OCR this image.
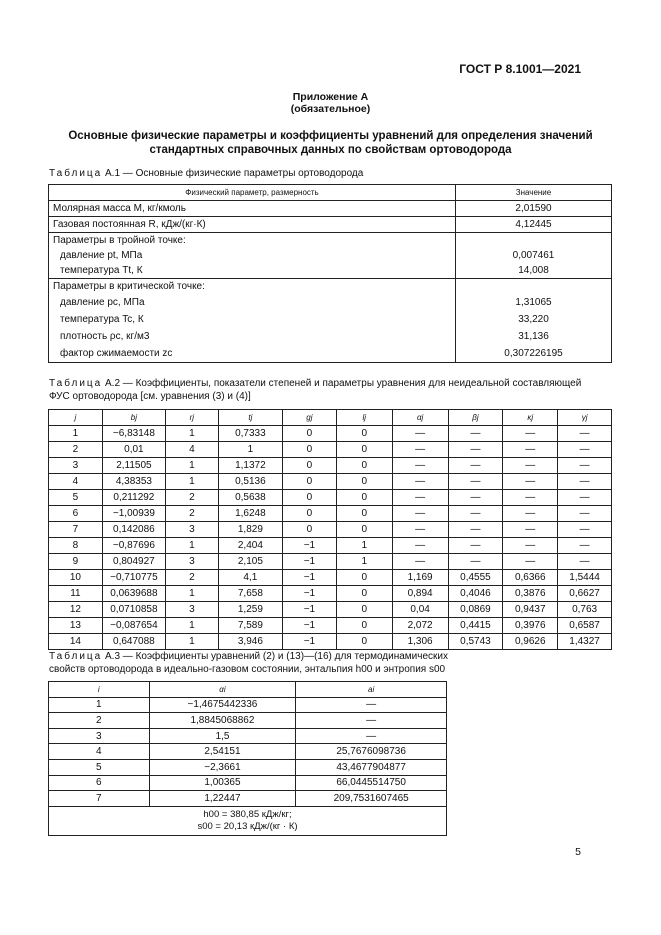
ГОСТ Р 8.1001—2021
Приложение А
(обязательное)
Основные физические параметры и коэффициенты уравнений для определения значений
стандартных справочных данных по свойствам ортоводорода
Таблица А.1 — Основные физические параметры ортоводорода
Физический параметр, размерность	Значение
Молярная масса M, кг/кмоль	2,01590
Газовая постоянная R, кДж/(кг·К)	4,12445
Параметры в тройной точке:	
давление pt, МПа	0,007461
температура Tt, К	14,008
Параметры в критической точке:	
давление pc, МПа	1,31065
температура Tc, К	33,220
плотность ρc, кг/м3	31,136
фактор сжимаемости zc	0,307226195
Таблица А.2 — Коэффициенты, показатели степеней и параметры уравнения для неидеальной составляющей
ФУС ортоводорода [см. уравнения (3) и (4)]
j	bj	rj	tj	gj	lj	αj	βj	κj	γj
1	−6,83148	1	0,7333	0	0	—	—	—	—
2	0,01	4	1	0	0	—	—	—	—
3	2,11505	1	1,1372	0	0	—	—	—	—
4	4,38353	1	0,5136	0	0	—	—	—	—
5	0,211292	2	0,5638	0	0	—	—	—	—
6	−1,00939	2	1,6248	0	0	—	—	—	—
7	0,142086	3	1,829	0	0	—	—	—	—
8	−0,87696	1	2,404	−1	1	—	—	—	—
9	0,804927	3	2,105	−1	1	—	—	—	—
10	−0,710775	2	4,1	−1	0	1,169	0,4555	0,6366	1,5444
11	0,0639688	1	7,658	−1	0	0,894	0,4046	0,3876	0,6627
12	0,0710858	3	1,259	−1	0	0,04	0,0869	0,9437	0,763
13	−0,087654	1	7,589	−1	0	2,072	0,4415	0,3976	0,6587
14	0,647088	1	3,946	−1	0	1,306	0,5743	0,9626	1,4327
Таблица А.3 — Коэффициенты уравнений (2) и (13)—(16) для термодинамических
свойств ортоводорода в идеально-газовом состоянии, энтальпия h00 и энтропия s00
i	αi	ai
1	−1,4675442336	—
2	1,8845068862	—
3	1,5	—
4	2,54151	25,7676098736
5	−2,3661	43,4677904877
6	1,00365	66,0445514750
7	1,22447	209,7531607465

h00 = 380,85 кДж/кг;
s00 = 20,13 кДж/(кг · К)		
5
